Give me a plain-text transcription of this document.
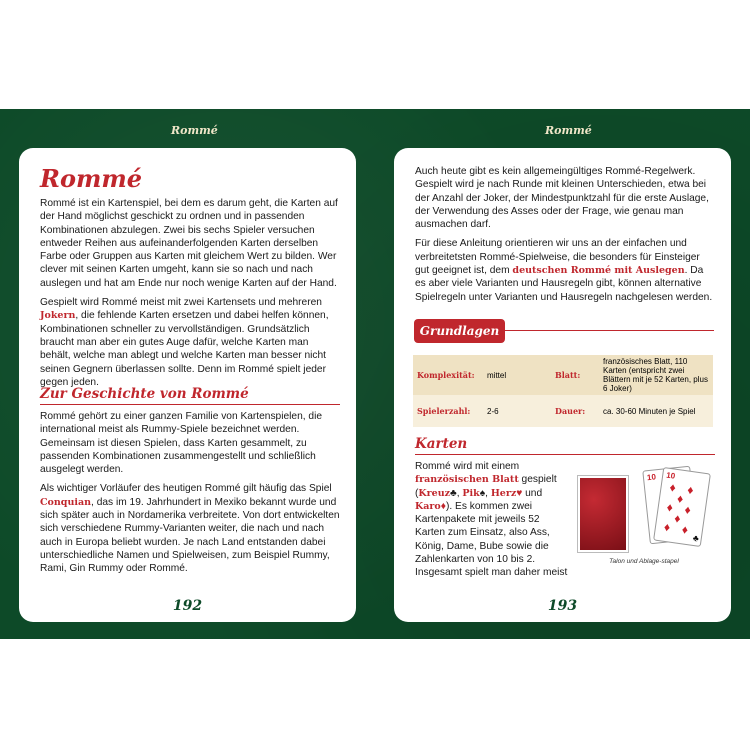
Rommé	Rommé
Rommé

Rommé ist ein Kartenspiel, bei dem es darum geht, die Karten auf der Hand möglichst geschickt zu ordnen und in passenden Kombinationen abzulegen. Zwei bis sechs Spieler versuchen entweder Reihen aus aufeinanderfolgenden Karten derselben Farbe oder Gruppen aus Karten mit gleichem Wert zu bilden. Wer clever mit seinen Karten umgeht, kann sie so nach und nach auslegen und hat am Ende nur noch wenige Karten auf der Hand.

Gespielt wird Rommé meist mit zwei Kartensets und mehreren Jokern, die fehlende Karten ersetzen und dabei helfen können, Kombinationen schneller zu vervollständigen. Grundsätzlich braucht man aber ein gutes Auge dafür, welche Karten man behält, welche man ablegt und welche Karten man besser nicht seinen Gegnern überlassen sollte. Denn im Rommé spielt jeder gegen jeden.

Zur Geschichte von Rommé

Rommé gehört zu einer ganzen Familie von Kartenspielen, die international meist als Rummy-Spiele bezeichnet werden. Gemeinsam ist diesen Spielen, dass Karten gesammelt, zu passenden Kombinationen zusammengestellt und schließlich ausgelegt werden.

Als wichtiger Vorläufer des heutigen Rommé gilt häufig das Spiel Conquian, das im 19. Jahrhundert in Mexiko bekannt wurde und sich später auch in Nordamerika verbreitete. Von dort entwickelten sich verschiedene Rummy-Varianten weiter, die nach und nach auch in Europa beliebt wurden. Je nach Land entstanden dabei unterschiedliche Namen und Spielweisen, zum Beispiel Rummy, Rami, Gin Rummy oder Rommé.

192

Auch heute gibt es kein allgemeingültiges Rommé-Regelwerk. Gespielt wird je nach Runde mit kleinen Unterschieden, etwa bei der Anzahl der Joker, der Mindestpunktzahl für die erste Auslage, der Verwendung des Asses oder der Frage, wie genau man ausmachen darf.

Für diese Anleitung orientieren wir uns an der einfachen und verbreitetsten Rommé-Spielweise, die besonders für Einsteiger gut geeignet ist, dem deutschen Rommé mit Auslegen. Da es aber viele Varianten und Hausregeln gibt, können alternative Spielregeln unter Varianten und Hausregeln nachgelesen werden.

Grundlagen
Komplexität:	mittel	Blatt:	französisches Blatt, 110 Karten (entspricht zwei Blättern mit je 52 Karten, plus 6 Joker)
Spielerzahl:	2-6	Dauer:	ca. 30-60 Minuten je Spiel
Karten

Rommé wird mit einem französischen Blatt gespielt (Kreuz♣, Pik♠, Herz♥ und Karo♦). Es kommen zwei Kartenpakete mit jeweils 52 Karten zum Einsatz, also Ass, König, Dame, Bube sowie die Zahlenkarten von 10 bis 2. Insgesamt spielt man daher meist

10 10
♦ ♦
♦
♦ ♦
♦
♦ ♦
♣
Talon und Ablage-stapel
193
